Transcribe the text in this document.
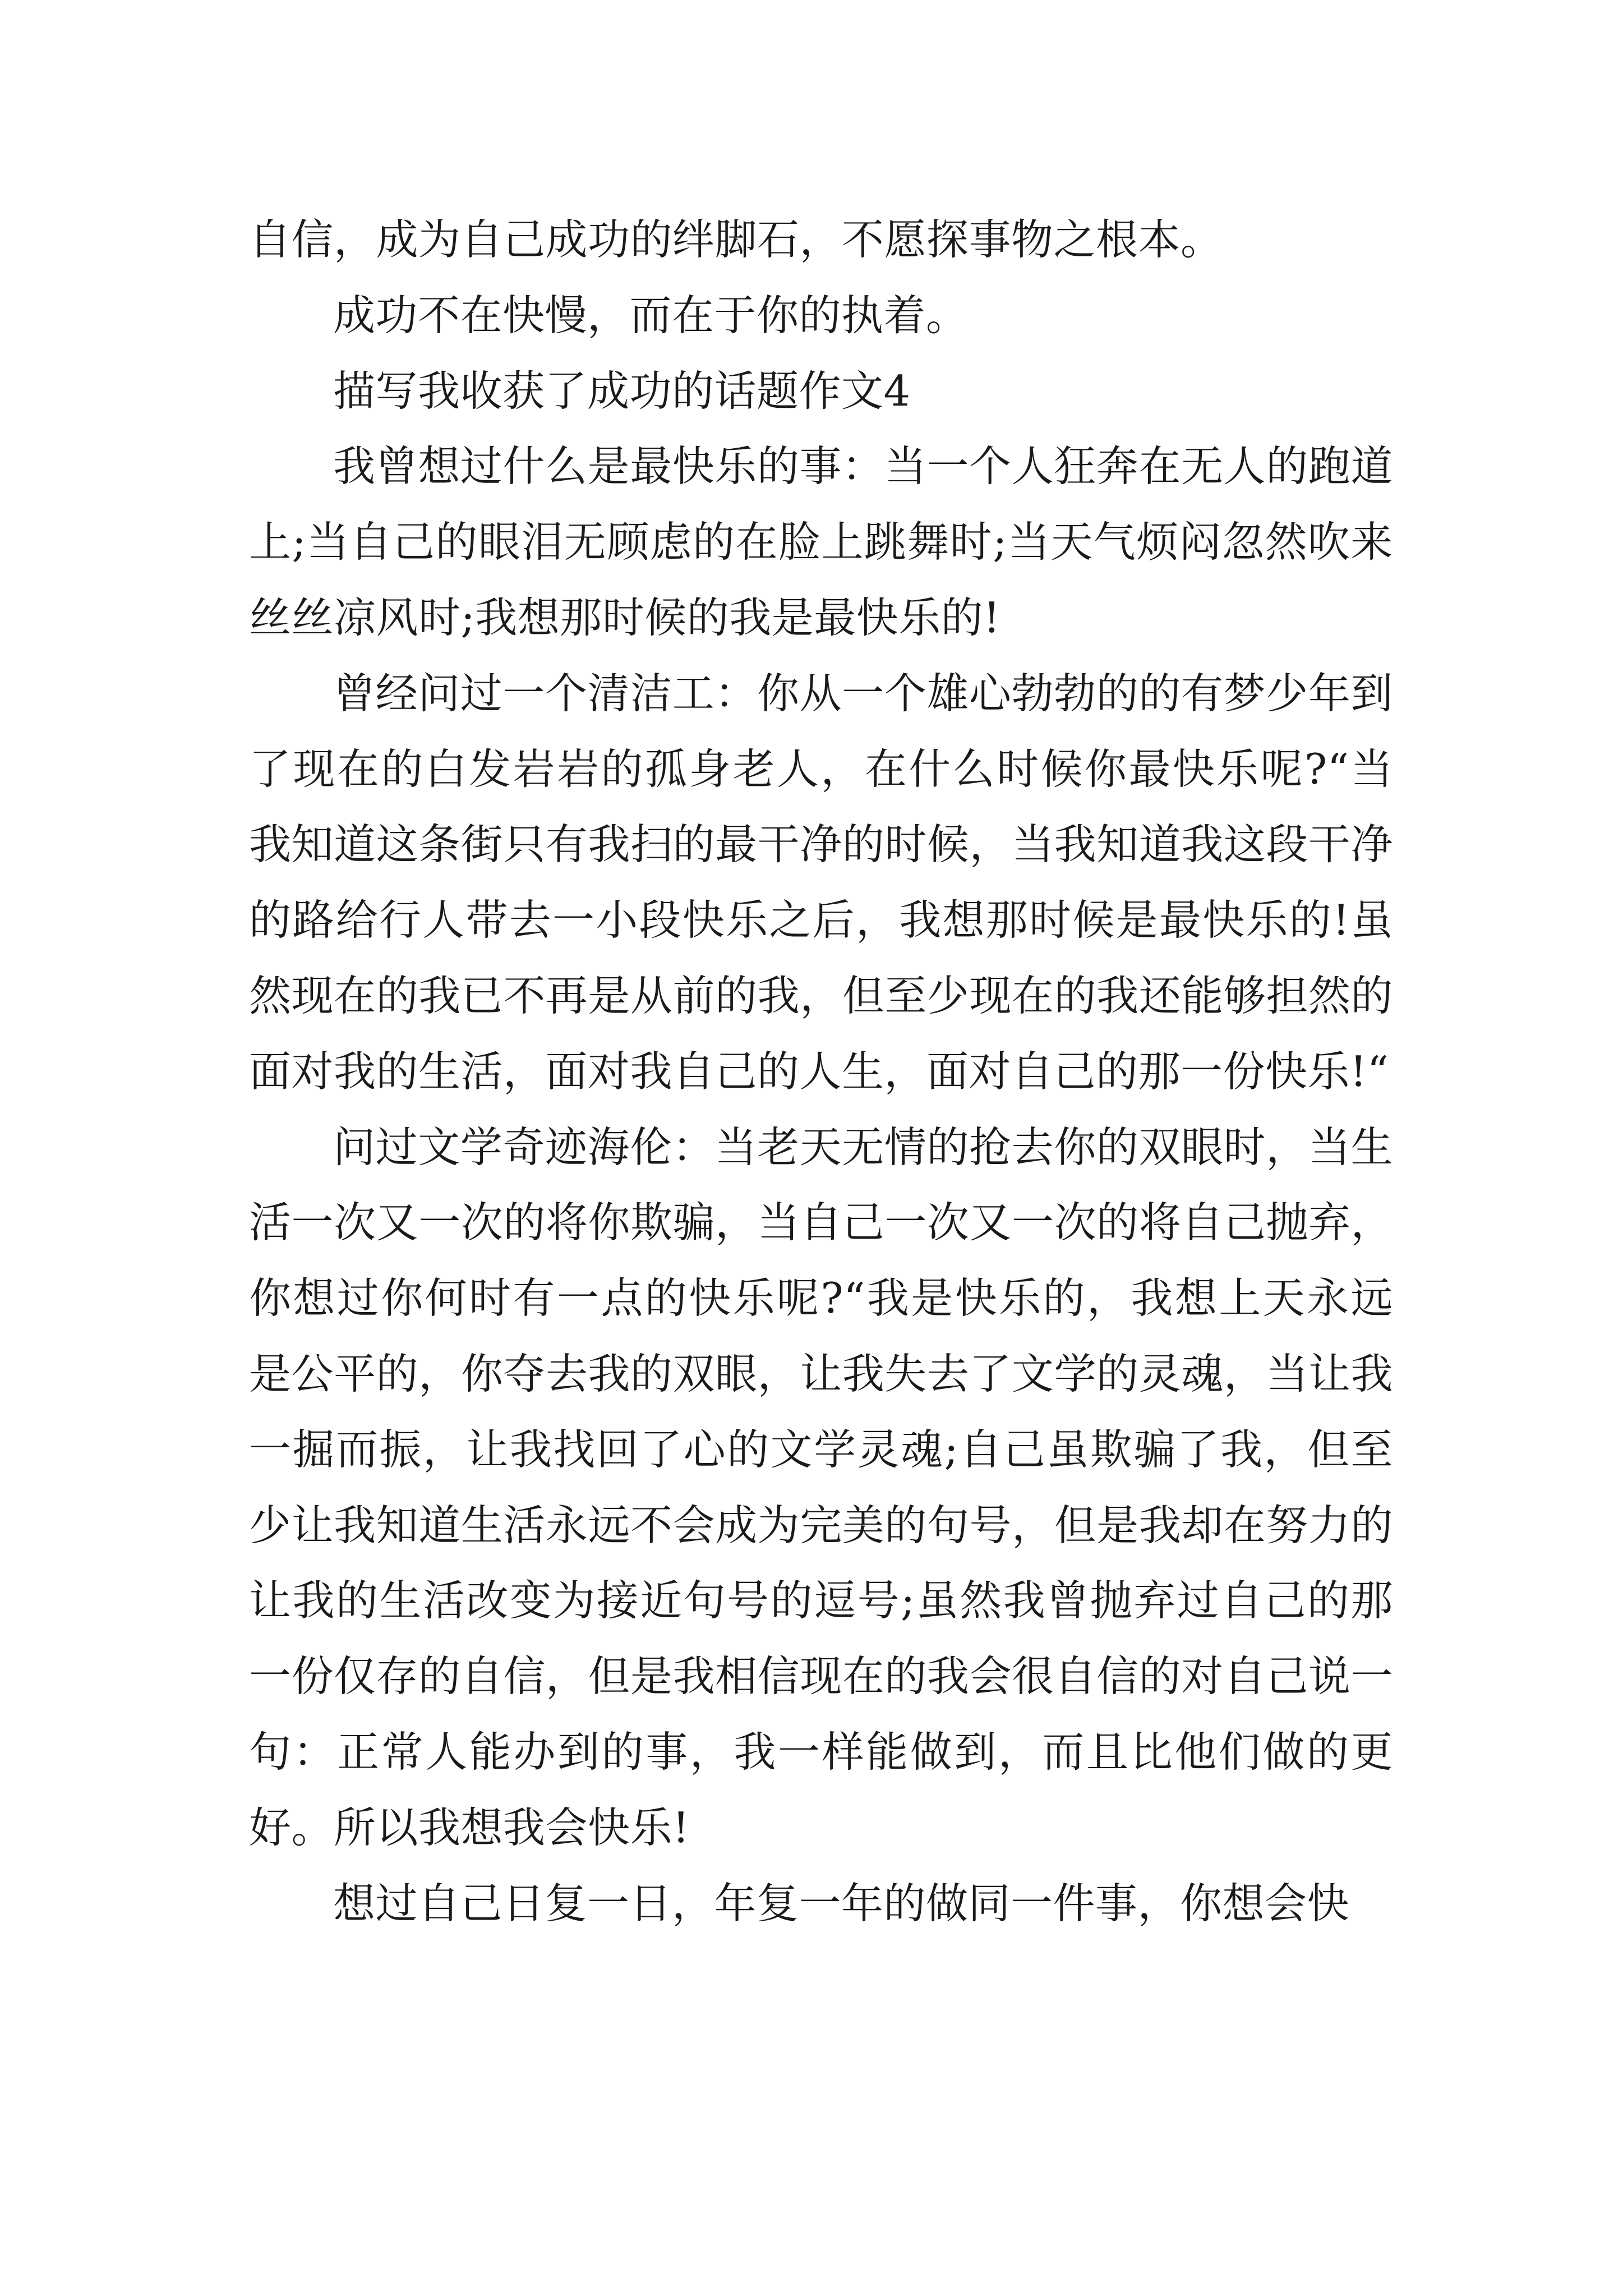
自信，成为自己成功的绊脚石，不愿探事物之根本。

成功不在快慢，而在于你的执着。

描写我收获了成功的话题作文4

我曾想过什么是最快乐的事：当一个人狂奔在无人的跑道上;当自己的眼泪无顾虑的在脸上跳舞时;当天气烦闷忽然吹来丝丝凉风时;我想那时候的我是最快乐的!

曾经问过一个清洁工：你从一个雄心勃勃的的有梦少年到了现在的白发岩岩的孤身老人，在什么时候你最快乐呢?“当我知道这条街只有我扫的最干净的时候，当我知道我这段干净的路给行人带去一小段快乐之后，我想那时候是最快乐的!虽然现在的我已不再是从前的我，但至少现在的我还能够担然的面对我的生活，面对我自己的人生，面对自己的那一份快乐!“

问过文学奇迹海伦：当老天无情的抢去你的双眼时，当生活一次又一次的将你欺骗，当自己一次又一次的将自己抛弃，你想过你何时有一点的快乐呢?“我是快乐的，我想上天永远是公平的，你夺去我的双眼，让我失去了文学的灵魂，当让我一掘而振，让我找回了心的文学灵魂;自己虽欺骗了我，但至少让我知道生活永远不会成为完美的句号，但是我却在努力的让我的生活改变为接近句号的逗号;虽然我曾抛弃过自己的那一份仅存的自信，但是我相信现在的我会很自信的对自己说一句：正常人能办到的事，我一样能做到，而且比他们做的更好。所以我想我会快乐!

想过自己日复一日，年复一年的做同一件事，你想会快
